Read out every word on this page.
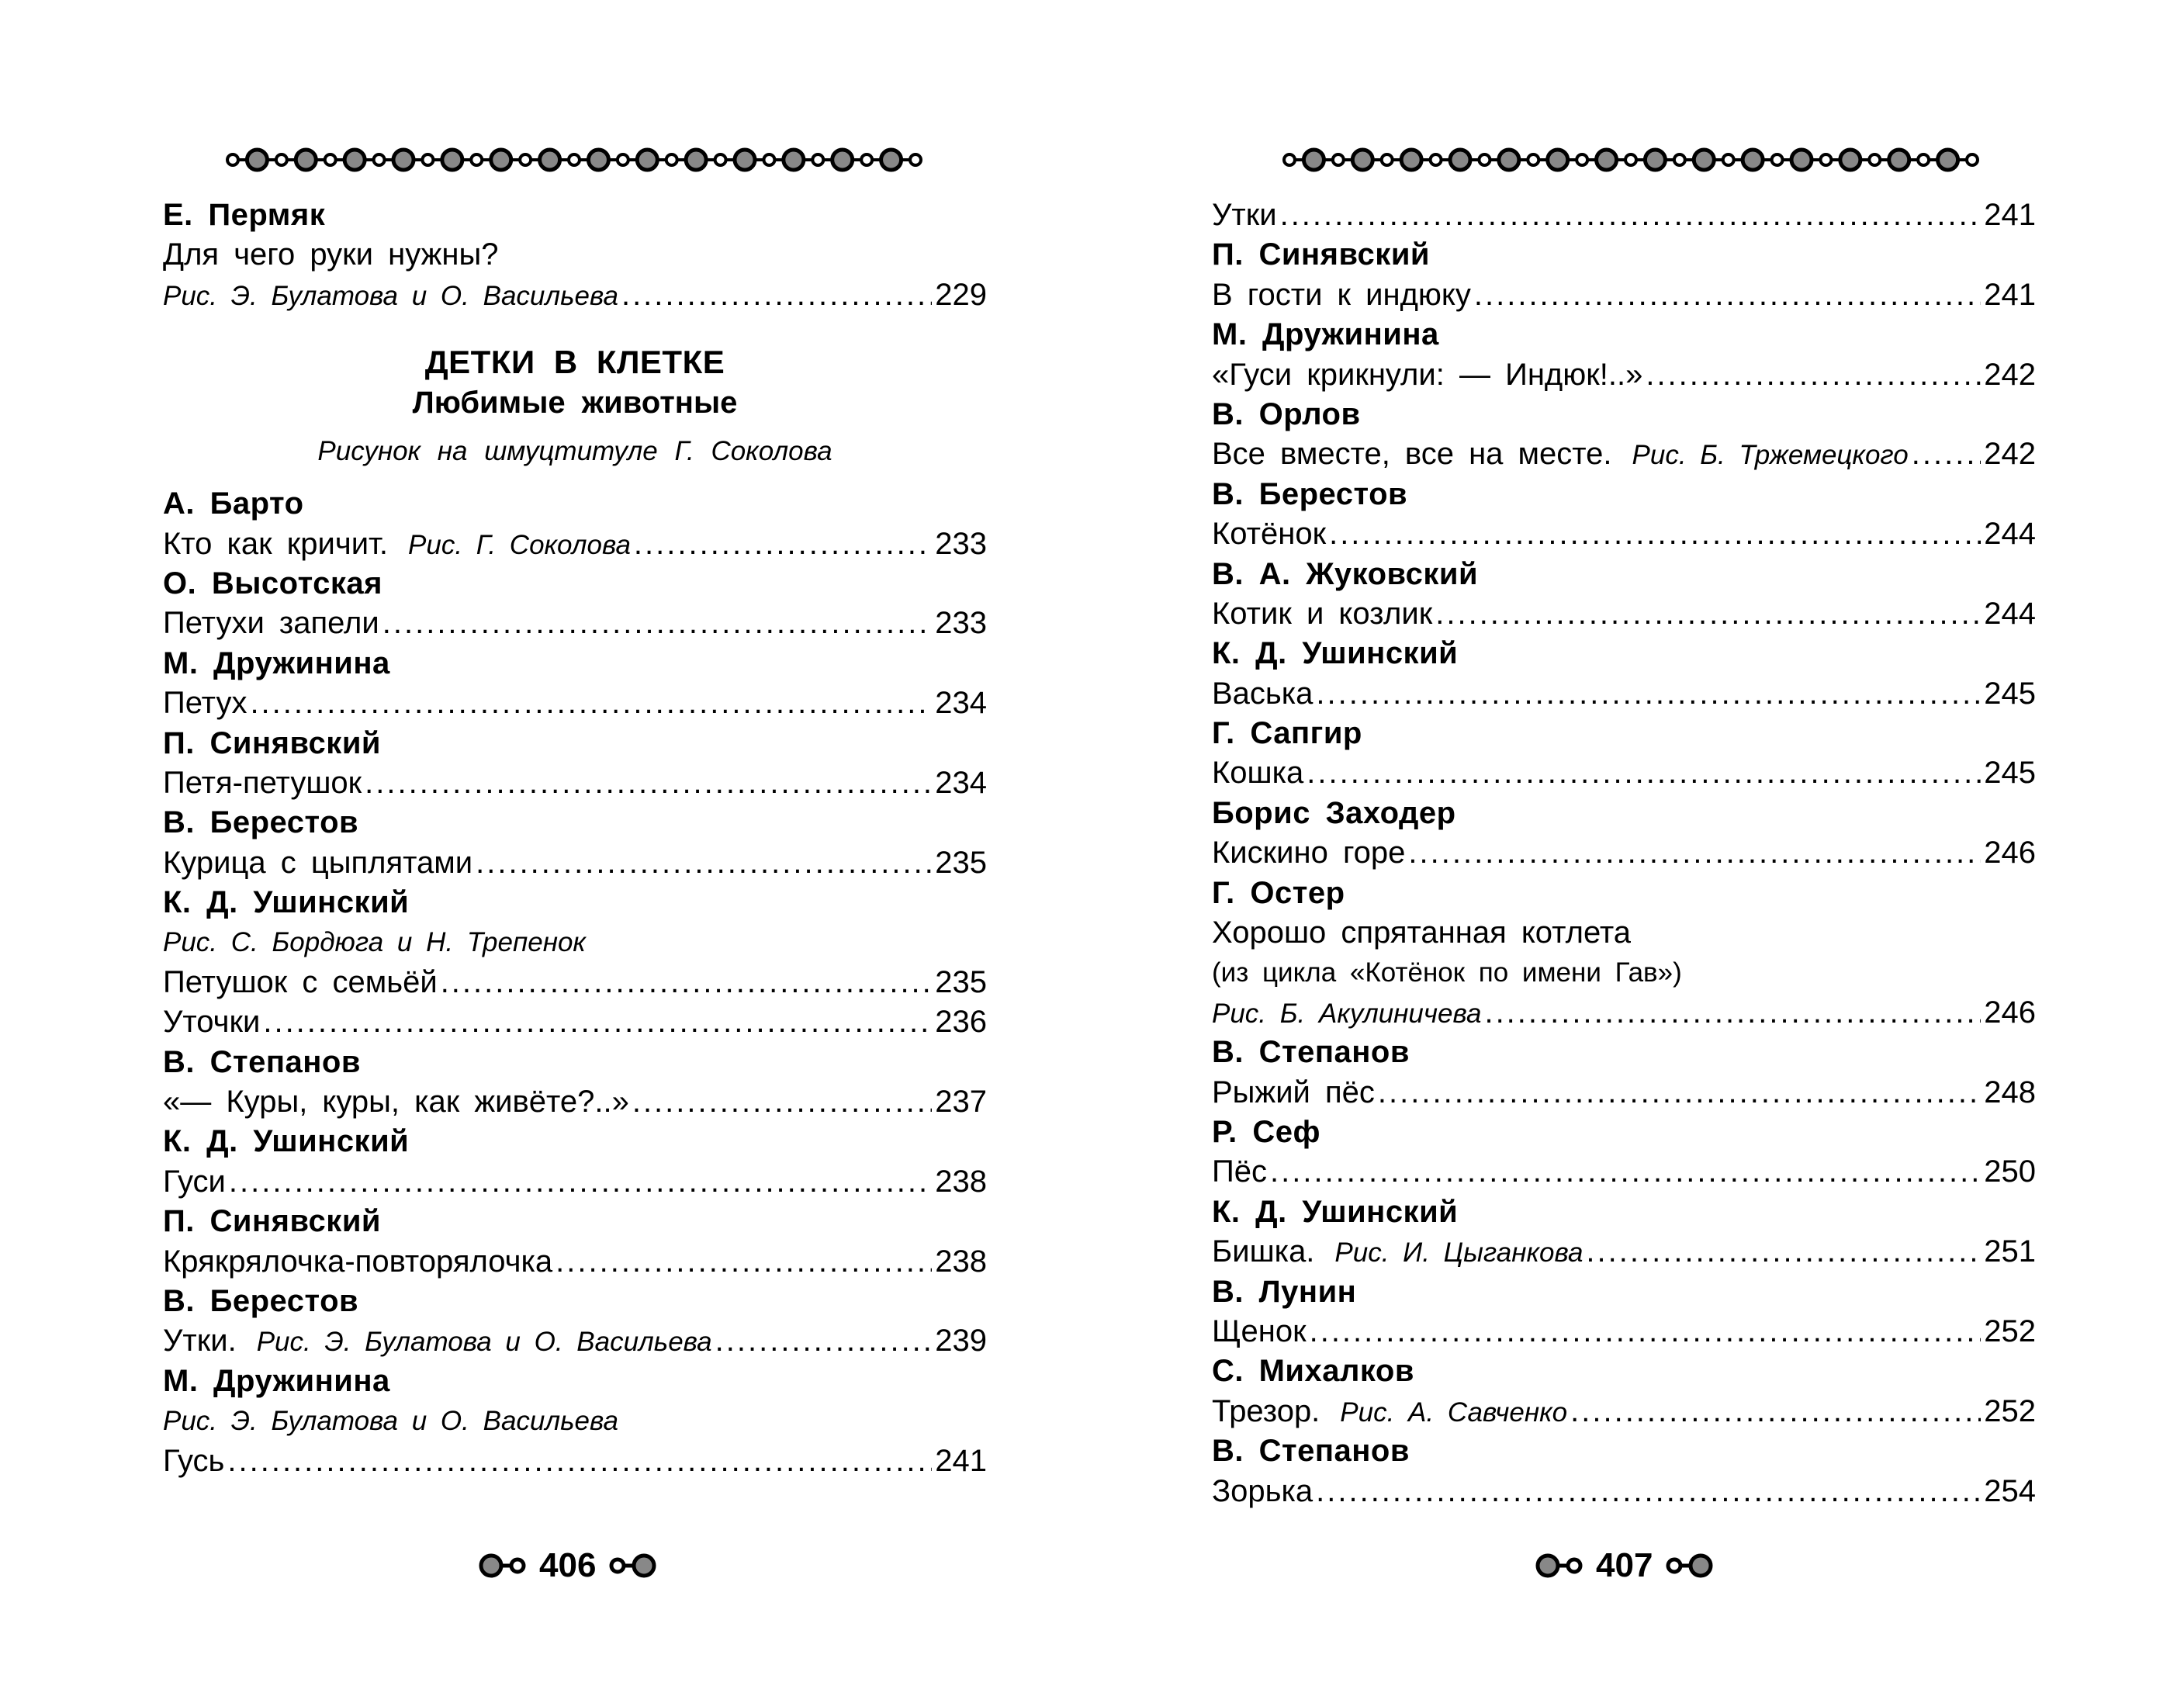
Е. Пермяк
Для чего руки нужны?
Рис. Э. Булатова и О. Васильева .....	229
ДЕТКИ В КЛЕТКЕ
Любимые животные
Рисунок на шмуцтитуле Г. Соколова
А. Барто
Кто как кричит. Рис. Г. Соколова .....	233
О. Высотская
Петухи запели .....	233
М. Дружинина
Петух .....	234
П. Синявский
Петя-петушок .....	234
В. Берестов
Курица с цыплятами .....	235
К. Д. Ушинский
Рис. С. Бордюга и Н. Трепенок
Петушок с семьёй .....	235
Уточки .....	236
В. Степанов
«— Куры, куры, как живёте?..» .....	237
К. Д. Ушинский
Гуси .....	238
П. Синявский
Крякрялочка-повторялочка .....	238
В. Берестов
Утки. Рис. Э. Булатова и О. Васильева .....	239
М. Дружинина
Рис. Э. Булатова и О. Васильева
Гусь .....	241
406
Утки .....	241
П. Синявский
В гости к индюку .....	241
М. Дружинина
«Гуси крикнули: — Индюк!..» .....	242
В. Орлов
Все вместе, все на месте. Рис. Б. Тржемецкого ..... 242
В. Берестов
Котёнок .....	244
В. А. Жуковский
Котик и козлик .....	244
К. Д. Ушинский
Васька .....	245
Г. Сапгир
Кошка .....	245
Борис Заходер
Кискино горе .....	246
Г. Остер
Хорошо спрятанная котлета
(из цикла «Котёнок по имени Гав»)
Рис. Б. Акулиничева .....	246
В. Степанов
Рыжий пёс .....	248
Р. Сеф
Пёс .....	250
К. Д. Ушинский
Бишка. Рис. И. Цыганкова .....	251
В. Лунин
Щенок .....	252
С. Михалков
Трезор. Рис. А. Савченко .....	252
В. Степанов
Зорька .....	254
407
